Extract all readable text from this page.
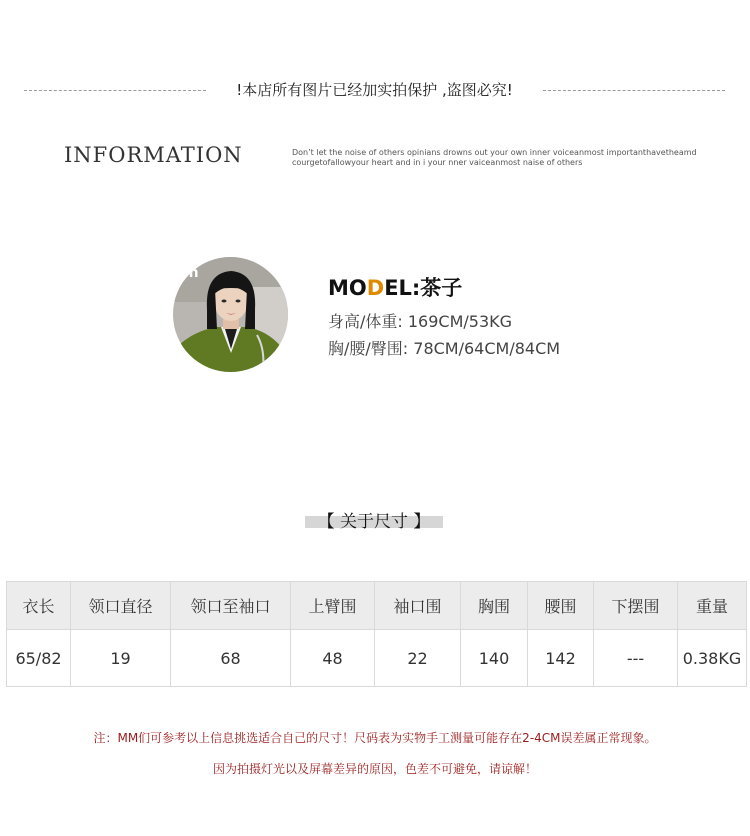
!本店所有图片已经加实拍保护 ,盗图必究!
INFORMATION	Don’t let the noise of others opinians drowns out your own inner voiceanmost importanthavetheamd
courgetofallowyour heart and in i your nner vaiceanmost naise of others
on
MODEL:茶子
身高/体重: 169CM/53KG
胸/腰/臀围: 78CM/64CM/84CM
【 关于尺寸 】
衣长	领口直径	领口至袖口	上臂围	袖口围	胸围	腰围	下摆围	重量
65/82	19	68	48	22	140	142	---	0.38KG
注：MM们可参考以上信息挑选适合自己的尺寸！尺码表为实物手工测量可能存在2-4CM误差属正常现象。
因为拍摄灯光以及屏幕差异的原因，色差不可避免，请谅解！
